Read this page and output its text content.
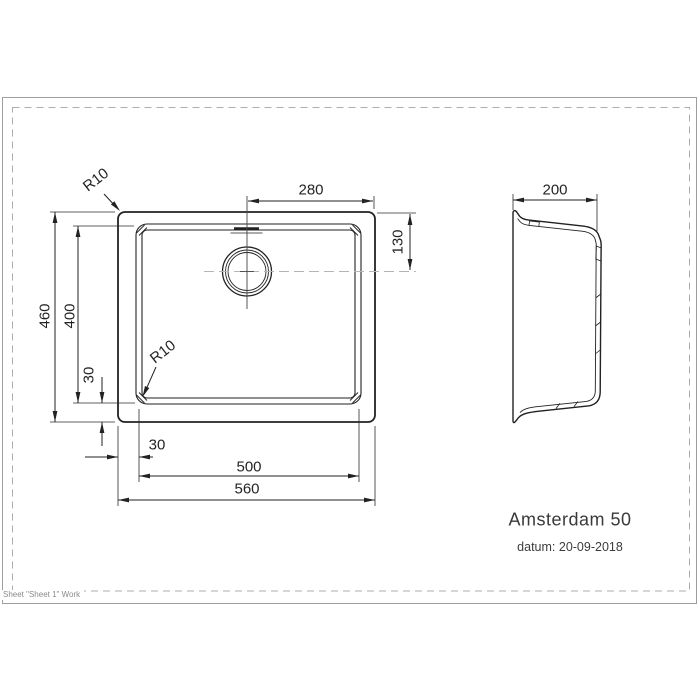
280
130
460 400
30
30
500
560
200
R10
R10
Amsterdam 50
datum: 20-09-2018
Sheet "Sheet 1" Work
